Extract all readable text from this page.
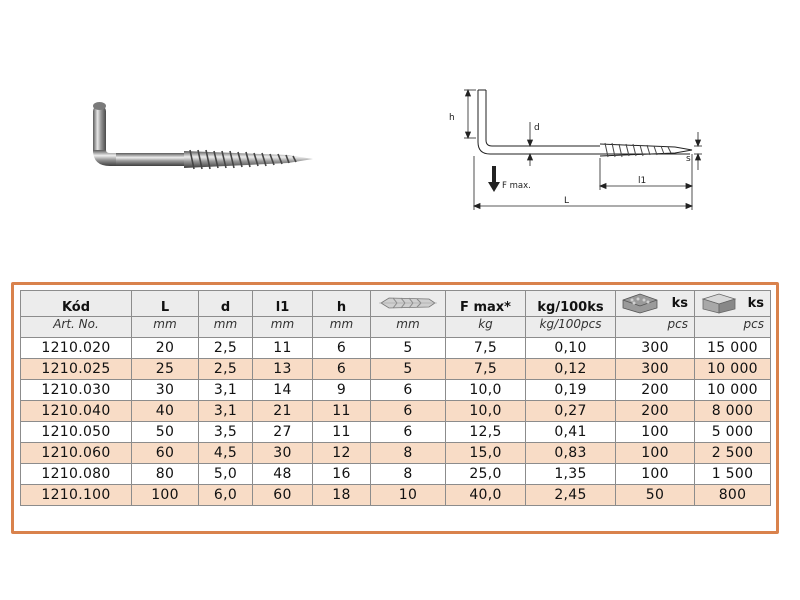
h
d
s
l1
L
F max.
Kód	L	d	l1	h		F max*	kg/100ks	ks	ks

Art. No.	mm	mm	mm	mm	mm	kg	kg/100pcs	pcs	pcs

1210.020	20	2,5	11	6	5	7,5	0,10	300	15 000
1210.025	25	2,5	13	6	5	7,5	0,12	300	10 000
1210.030	30	3,1	14	9	6	10,0	0,19	200	10 000
1210.040	40	3,1	21	11	6	10,0	0,27	200	8 000
1210.050	50	3,5	27	11	6	12,5	0,41	100	5 000
1210.060	60	4,5	30	12	8	15,0	0,83	100	2 500
1210.080	80	5,0	48	16	8	25,0	1,35	100	1 500
1210.100	100	6,0	60	18	10	40,0	2,45	50	800
